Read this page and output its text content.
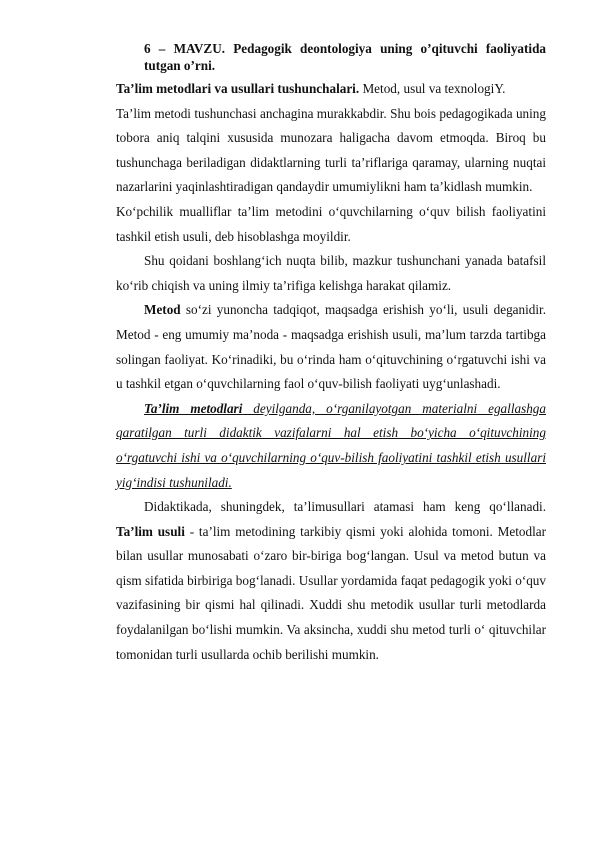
6 – MAVZU. Pedagogik deontologiya uning o’qituvchi faoliyatida tutgan o’rni.

Ta’lim metodlari va usullari tushunchalari. Metod, usul va texnologiY.

Ta’lim metodi tushunchasi anchagina murakkabdir. Shu bois pedagogikada uning tobora aniq talqini xususida munozara haligacha davom etmoqda. Biroq bu tushunchaga beriladigan didaktlarning turli ta’riflariga qaramay, ularning nuqtai nazarlarini yaqinlashtiradigan qandaydir umumiylikni ham ta’kidlash mumkin.

Ko‘pchilik mualliflar ta’lim metodini o‘quvchilarning o‘quv bilish faoliyatini tashkil etish usuli, deb hisoblashga moyildir.

Shu qoidani boshlang‘ich nuqta bilib, mazkur tushunchani yanada batafsil ko‘rib chiqish va uning ilmiy ta’rifiga kelishga harakat qilamiz.

Metod so‘zi yunoncha tadqiqot, maqsadga erishish yo‘li, usuli deganidir. Metod - eng umumiy ma’noda - maqsadga erishish usuli, ma’lum tarzda tartibga solingan faoliyat. Ko‘rinadiki, bu o‘rinda ham o‘qituvchining o‘rgatuvchi ishi va u tashkil etgan o‘quvchilarning faol o‘quv-bilish faoliyati uyg‘unlashadi.

Ta’lim metodlari deyilganda, o‘rganilayotgan materialni egallashga qaratilgan turli didaktik vazifalarni hal etish bo‘yicha o‘qituvchining o‘rgatuvchi ishi va o‘quvchilarning o‘quv-bilish faoliyatini tashkil etish usullari yig‘indisi tushuniladi.

Didaktikada, shuningdek, ta’limusullari atamasi ham keng qo‘llanadi. Ta’lim usuli - ta’lim metodining tarkibiy qismi yoki alohida tomoni. Metodlar bilan usullar munosabati o‘zaro bir-biriga bog‘langan. Usul va metod butun va qism sifatida birbiriga bog‘lanadi. Usullar yordamida faqat pedagogik yoki o‘quv vazifasining bir qismi hal qilinadi. Xuddi shu metodik usullar turli metodlarda foydalanilgan bo‘lishi mumkin. Va aksincha, xuddi shu metod turli o‘ qituvchilar tomonidan turli usullarda ochib berilishi mumkin.
